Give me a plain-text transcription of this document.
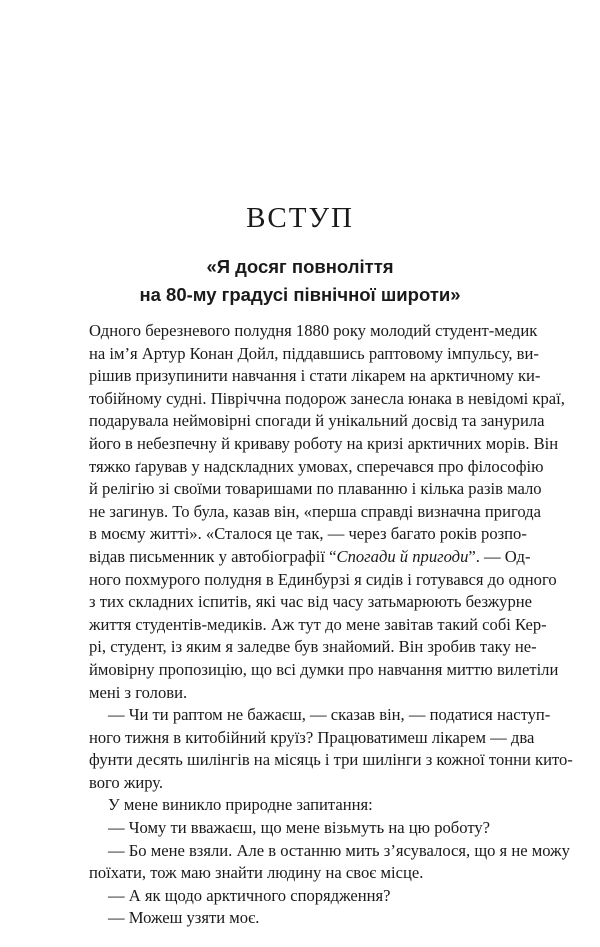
ВСТУП
«Я досяг повноліття
на 80-му градусі північної широти»
Одного березневого полудня 1880 року молодий студент-медик
на ім’я Артур Конан Дойл, піддавшись раптовому імпульсу, ви-
рішив призупинити навчання і стати лікарем на арктичному ки-
тобійному судні. Півріччна подорож занесла юнака в невідомі краї,
подарувала неймовірні спогади й унікальний досвід та занурила
його в небезпечну й криваву роботу на кризі арктичних морів. Він
тяжко ґарував у надскладних умовах, сперечався про філософію
й релігію зі своїми товаришами по плаванню і кілька разів мало
не загинув. То була, казав він, «перша справді визначна пригода
в моєму житті». «Сталося це так, — через багато років розпо-
відав письменник у автобіографії “Спогади й пригоди”. — Од-
ного похмурого полудня в Единбурзі я сидів і готувався до одного
з тих складних іспитів, які час від часу затьмарюють безжурне
життя студентів-медиків. Аж тут до мене завітав такий собі Кер-
рі, студент, із яким я заледве був знайомий. Він зробив таку не-
ймовірну пропозицію, що всі думки про навчання миттю вилетіли
мені з голови.
— Чи ти раптом не бажаєш, — сказав він, — податися наступ-
ного тижня в китобійний круїз? Працюватимеш лікарем — два
фунти десять шилінгів на місяць і три шилінги з кожної тонни кито-
вого жиру.
У мене виникло природне запитання:
— Чому ти вважаєш, що мене візьмуть на цю роботу?
— Бо мене взяли. Але в останню мить з’ясувалося, що я не можу
поїхати, тож маю знайти людину на своє місце.
— А як щодо арктичного спорядження?
— Можеш узяти моє.
